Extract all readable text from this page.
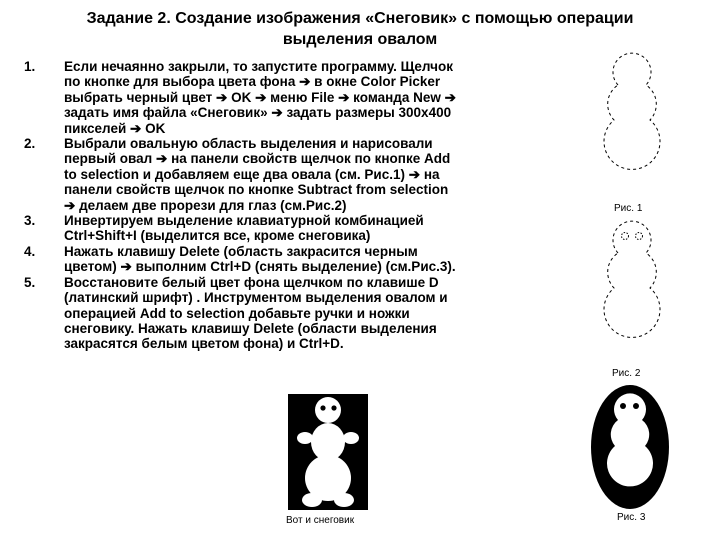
Задание 2. Создание изображения «Снеговик» с помощью операции
выделения овалом
1.	Если нечаянно закрыли, то запустите программу. Щелчок
по кнопке для выбора цвета фона ➔ в окне Color Picker
выбрать черный цвет ➔ OK ➔ меню File ➔ команда New ➔
задать имя файла «Снеговик» ➔ задать размеры 300х400
пикселей ➔ OK
2.	Выбрали овальную область выделения и нарисовали
первый овал ➔ на панели свойств щелчок по кнопке Add
to selection и добавляем еще два овала (см. Рис.1) ➔ на
панели свойств щелчок по кнопке Subtract from selection
➔ делаем две прорези для глаз (см.Рис.2)
3.	Инвертируем выделение клавиатурной комбинацией
Ctrl+Shift+I (выделится все, кроме снеговика)
4.	Нажать клавишу Delete (область закрасится черным
цветом) ➔ выполним Ctrl+D (снять выделение) (см.Рис.3).
5.	Восстановите белый цвет фона щелчком по клавише D
(латинский шрифт) . Инструментом выделения овалом и
операцией Add to selection добавьте ручки и ножки
снеговику. Нажать клавишу Delete (области выделения
закрасятся белым цветом фона) и Ctrl+D.
Рис. 1
Рис. 2
Рис. 3
Вот и снеговик
